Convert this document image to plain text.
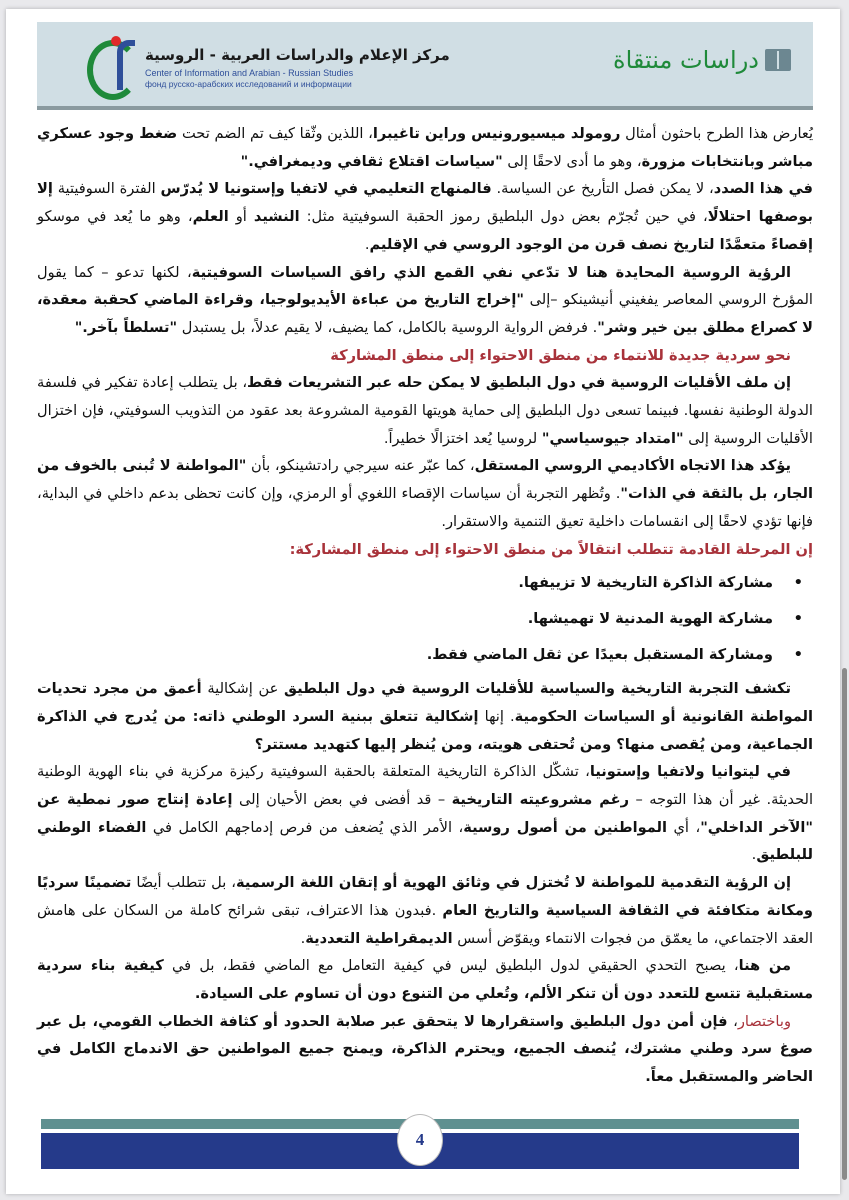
مركز الإعلام والدراسات العربية - الروسية
Center of Information and Arabian - Russian Studies
фонд русско-арабских исследований и информации
دراسات منتقاة

يُعارض هذا الطرح باحثون أمثال رومولد ميسيورونيس وراين تاغيبرا، اللذين وثّقا كيف تم الضم تحت ضغط وجود عسكري مباشر وبانتخابات مزورة، وهو ما أدى لاحقًا إلى "سياسات اقتلاع ثقافي وديمغرافي."

في هذا الصدد، لا يمكن فصل التأريخ عن السياسة. فالمنهاج التعليمي في لاتفيا وإستونيا لا يُدرّس الفترة السوفيتية إلا بوصفها احتلالًا، في حين تُجرّم بعض دول البلطيق رموز الحقبة السوفيتية مثل: النشيد أو العلم، وهو ما يُعد في موسكو إقصاءً متعمَّدًا لتاريخ نصف قرن من الوجود الروسي في الإقليم.

الرؤية الروسية المحايدة هنا لا تدّعي نفي القمع الذي رافق السياسات السوفيتية، لكنها تدعو – كما يقول المؤرخ الروسي المعاصر يفغيني أنيشينكو –إلى "إخراج التاريخ من عباءة الأيديولوجيا، وقراءة الماضي كحقبة معقدة، لا كصراع مطلق بين خير وشر". فرفض الرواية الروسية بالكامل، كما يضيف، لا يقيم عدلاً، بل يستبدل "تسلطاً بآخر."

نحو سردية جديدة للانتماء من منطق الاحتواء إلى منطق المشاركة

إن ملف الأقليات الروسية في دول البلطيق لا يمكن حله عبر التشريعات فقط، بل يتطلب إعادة تفكير في فلسفة الدولة الوطنية نفسها. فبينما تسعى دول البلطيق إلى حماية هويتها القومية المشروعة بعد عقود من التذويب السوفيتي، فإن اختزال الأقليات الروسية إلى "امتداد جيوسياسي" لروسيا يُعد اختزالًا خطيراً.

يؤكد هذا الاتجاه الأكاديمي الروسي المستقل، كما عبّر عنه سيرجي رادتشينكو، بأن "المواطنة لا تُبنى بالخوف من الجار، بل بالثقة في الذات". وتُظهر التجربة أن سياسات الإقصاء اللغوي أو الرمزي، وإن كانت تحظى بدعم داخلي في البداية، فإنها تؤدي لاحقًا إلى انقسامات داخلية تعيق التنمية والاستقرار.

إن المرحلة القادمة تتطلب انتقالاً من منطق الاحتواء إلى منطق المشاركة:

• مشاركة الذاكرة التاريخية لا تزييفها.
• مشاركة الهوية المدنية لا تهميشها.
• ومشاركة المستقبل بعيدًا عن ثقل الماضي فقط.

تكشف التجربة التاريخية والسياسية للأقليات الروسية في دول البلطيق عن إشكالية أعمق من مجرد تحديات المواطنة القانونية أو السياسات الحكومية. إنها إشكالية تتعلق ببنية السرد الوطني ذاته: من يُدرج في الذاكرة الجماعية، ومن يُقصى منها؟ ومن تُحتفى هويته، ومن يُنظر إليها كتهديد مستتر؟

في ليتوانيا ولاتفيا وإستونيا، تشكّل الذاكرة التاريخية المتعلقة بالحقبة السوفيتية ركيزة مركزية في بناء الهوية الوطنية الحديثة. غير أن هذا التوجه – رغم مشروعيته التاريخية – قد أفضى في بعض الأحيان إلى إعادة إنتاج صور نمطية عن "الآخر الداخلي"، أي المواطنين من أصول روسية، الأمر الذي يُضعف من فرص إدماجهم الكامل في الفضاء الوطني للبلطيق.

إن الرؤية التقدمية للمواطنة لا تُختزل في وثائق الهوية أو إتقان اللغة الرسمية، بل تتطلب أيضًا تضمينًا سرديًا ومكانة متكافئة في الثقافة السياسية والتاريخ العام .فبدون هذا الاعتراف، تبقى شرائح كاملة من السكان على هامش العقد الاجتماعي، ما يعمّق من فجوات الانتماء ويقوّض أسس الديمقراطية التعددية.

من هنا، يصبح التحدي الحقيقي لدول البلطيق ليس في كيفية التعامل مع الماضي فقط، بل في كيفية بناء سردية مستقبلية تتسع للتعدد دون أن تنكر الألم، وتُعلي من التنوع دون أن تساوم على السيادة.

وباختصار، فإن أمن دول البلطيق واستقرارها لا يتحقق عبر صلابة الحدود أو كثافة الخطاب القومي، بل عبر صوغ سرد وطني مشترك، يُنصف الجميع، ويحترم الذاكرة، ويمنح جميع المواطنين حق الاندماج الكامل في الحاضر والمستقبل معاً.

4
